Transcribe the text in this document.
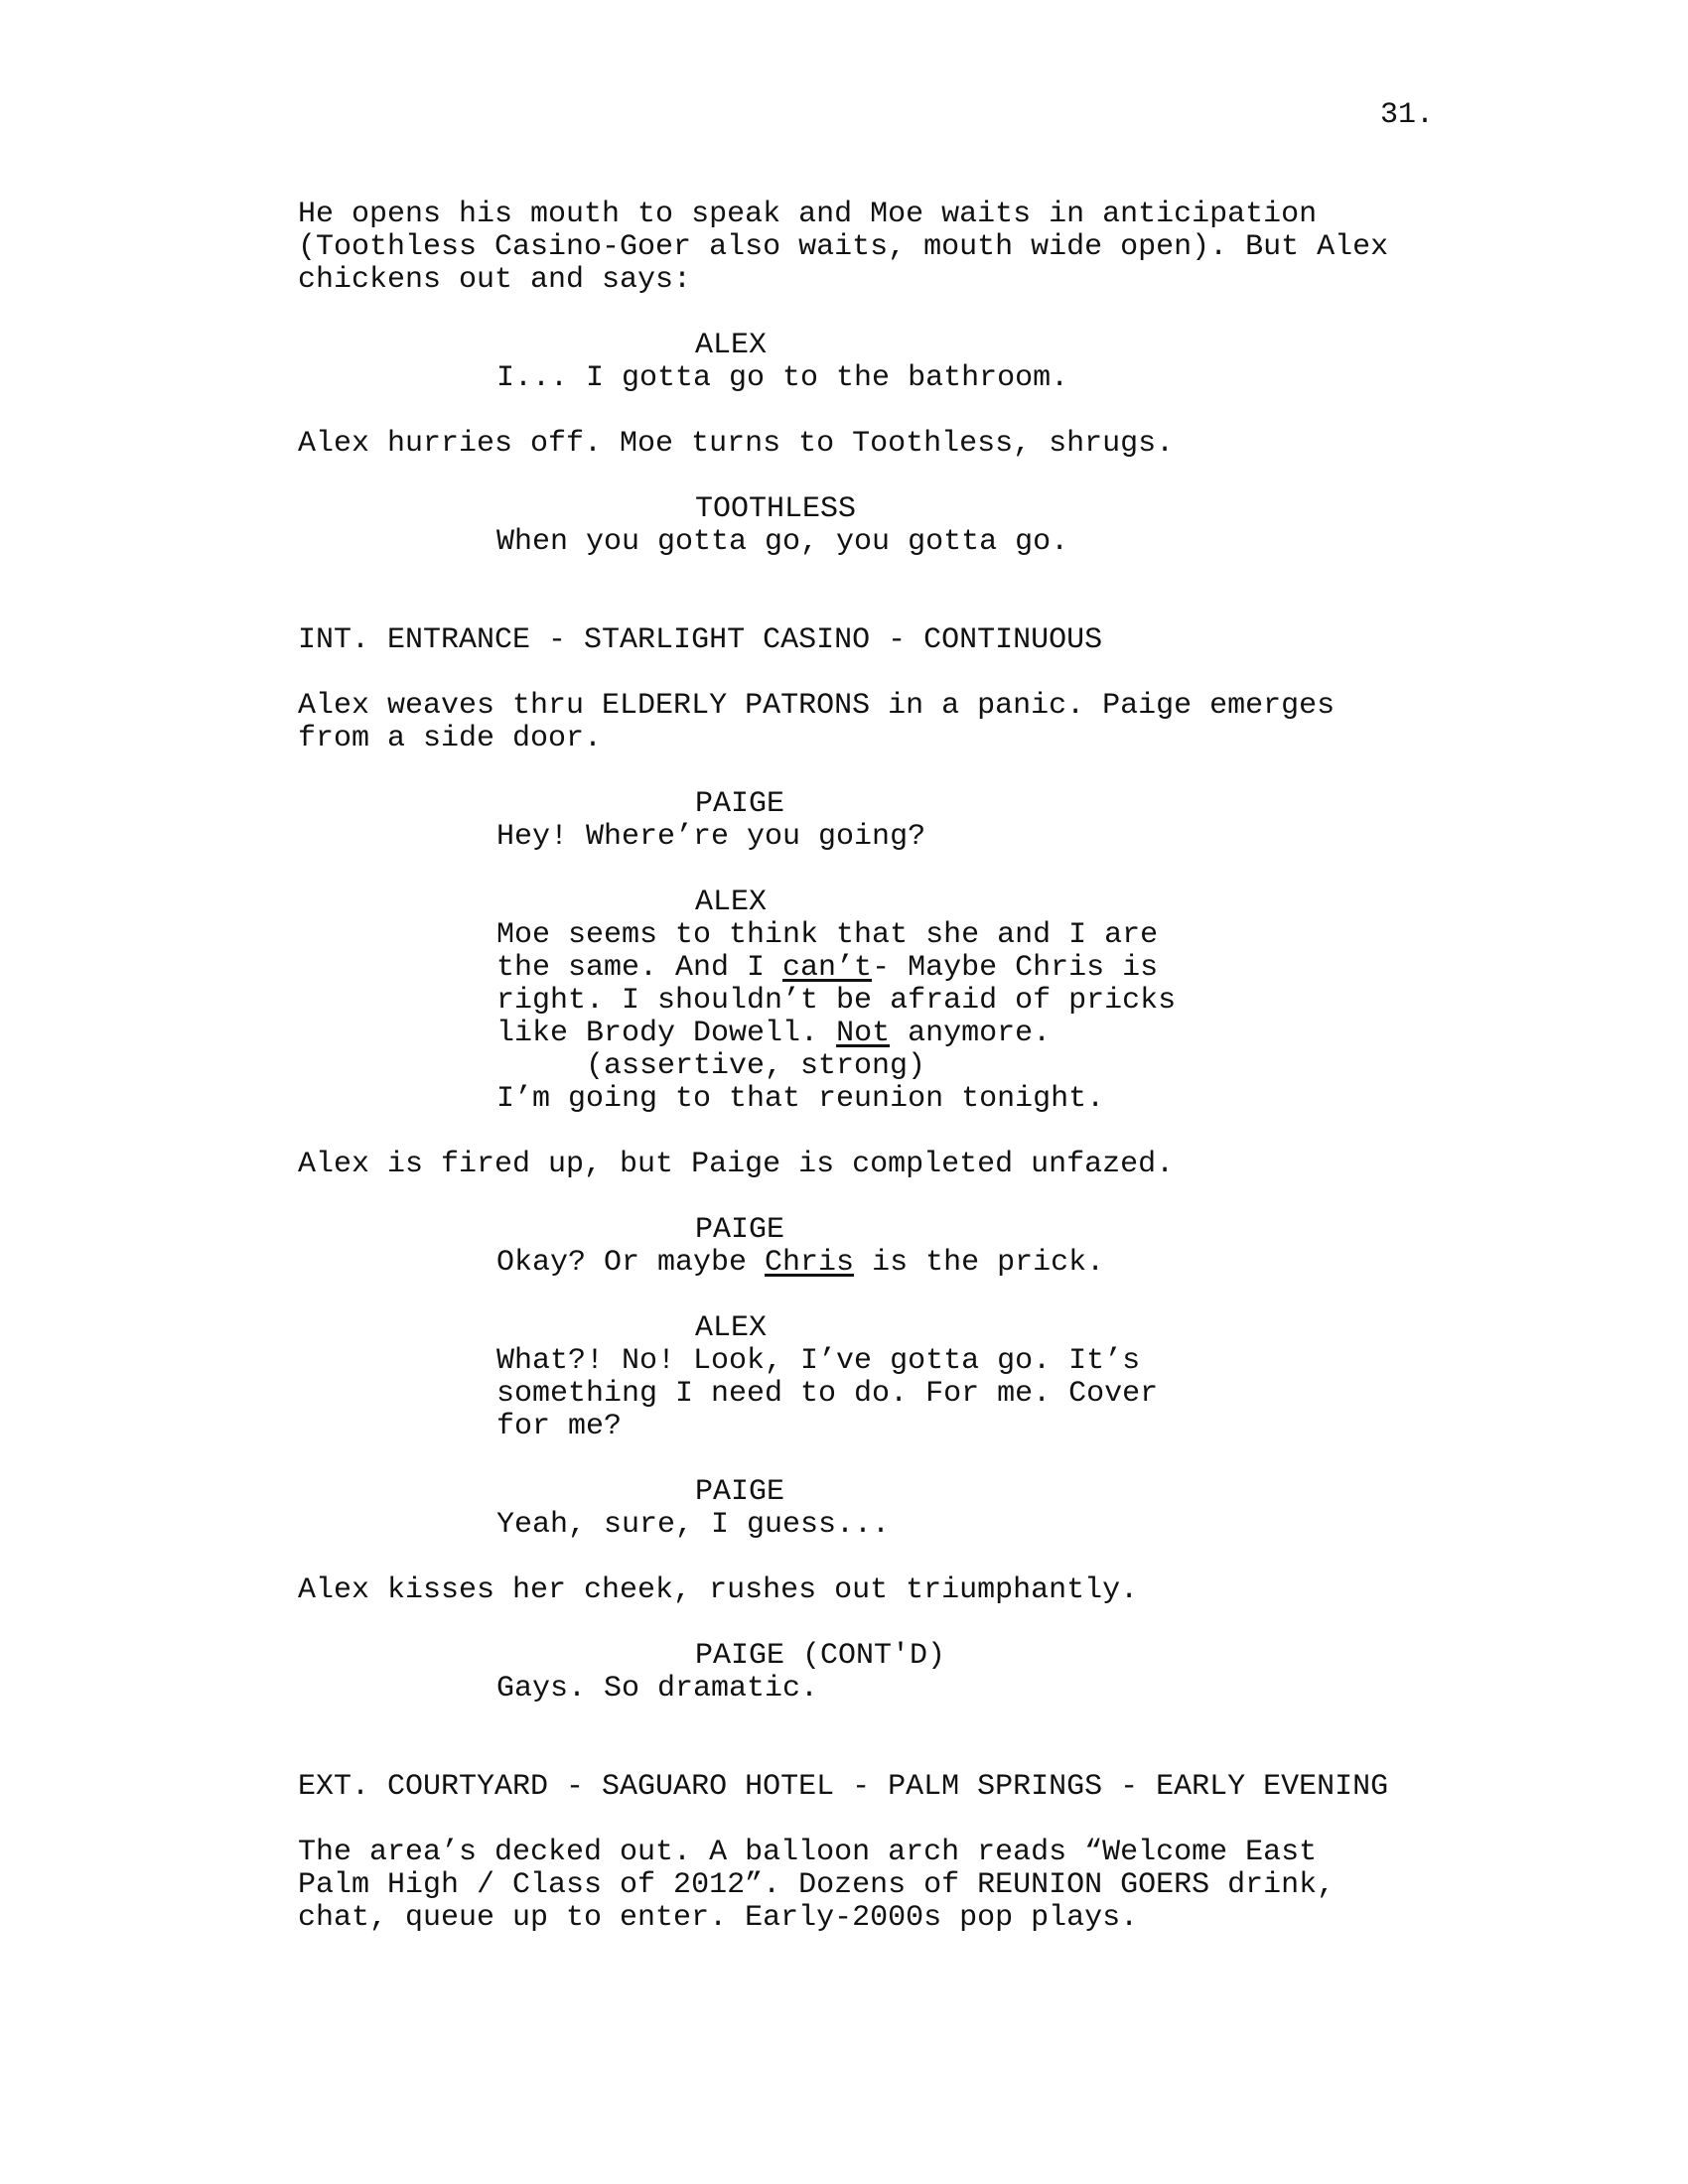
31.
He opens his mouth to speak and Moe waits in anticipation
(Toothless Casino-Goer also waits, mouth wide open). But Alex
chickens out and says:
ALEX
I... I gotta go to the bathroom.
Alex hurries off. Moe turns to Toothless, shrugs.
TOOTHLESS
When you gotta go, you gotta go.
INT. ENTRANCE - STARLIGHT CASINO - CONTINUOUS
Alex weaves thru ELDERLY PATRONS in a panic. Paige emerges
from a side door.
PAIGE
Hey! Where’re you going?
ALEX
Moe seems to think that she and I are
the same. And I can’t- Maybe Chris is
right. I shouldn’t be afraid of pricks
like Brody Dowell. Not anymore.
(assertive, strong)
I’m going to that reunion tonight.
Alex is fired up, but Paige is completed unfazed.
PAIGE
Okay? Or maybe Chris is the prick.
ALEX
What?! No! Look, I’ve gotta go. It’s
something I need to do. For me. Cover
for me?
PAIGE
Yeah, sure, I guess...
Alex kisses her cheek, rushes out triumphantly.
PAIGE (CONT'D)
Gays. So dramatic.
EXT. COURTYARD - SAGUARO HOTEL - PALM SPRINGS - EARLY EVENING
The area’s decked out. A balloon arch reads “Welcome East
Palm High / Class of 2012”. Dozens of REUNION GOERS drink,
chat, queue up to enter. Early-2000s pop plays.
